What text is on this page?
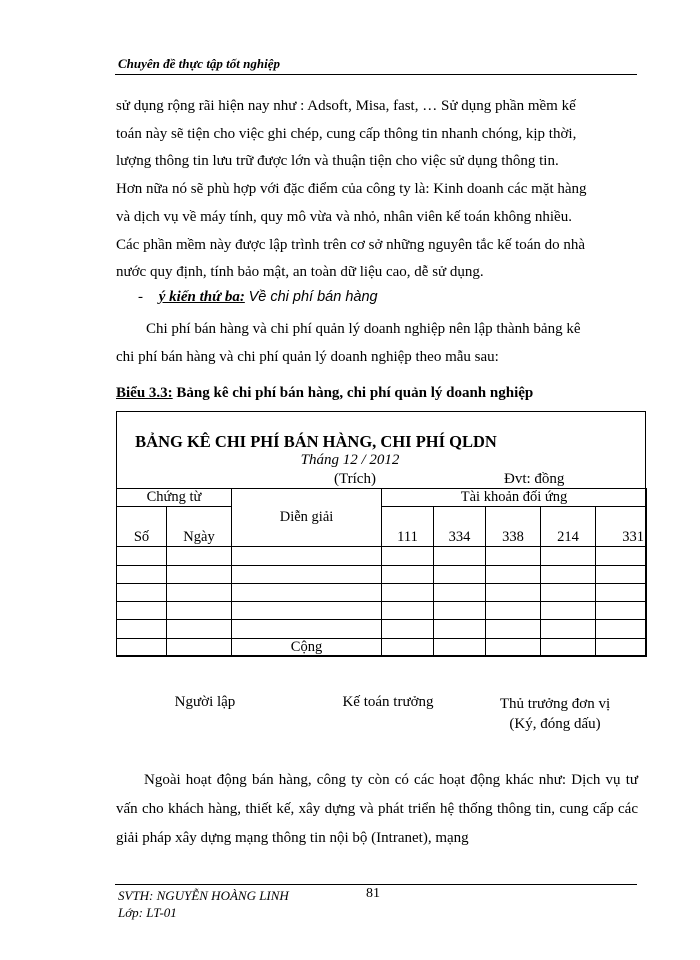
Chuyên đề thực tập tốt nghiệp

sử dụng rộng rãi hiện nay như : Adsoft, Misa, fast, … Sử dụng phần mềm kế

toán này sẽ tiện cho việc ghi chép, cung cấp thông tin nhanh chóng, kịp thời,

lượng thông tin lưu trữ được lớn và thuận tiện cho việc sử dụng thông tin.

Hơn nữa nó sẽ phù hợp với đặc điểm của công ty là: Kinh doanh các mặt hàng

và dịch vụ về máy tính, quy mô vừa và nhỏ, nhân viên kế toán không nhiều.

Các phần mềm này được lập trình trên cơ sở những nguyên tắc kế toán do nhà

nước quy định, tính bảo mật, an toàn dữ liệu cao, dễ sử dụng.

- ý kiến thứ ba: Về chi phí bán hàng

Chi phí bán hàng và chi phí quản lý doanh nghiệp nên lập thành bảng kê

chi phí bán hàng và chi phí quản lý doanh nghiệp theo mẫu sau:

Biểu 3.3: Bảng kê chi phí bán hàng, chi phí quản lý doanh nghiệp
BẢNG KÊ CHI PHÍ BÁN HÀNG, CHI PHÍ QLDN
Tháng 12 / 2012
(Trích)	Đvt: đồng
Chứng từ		Diễn giải	Tài khoản đối ứng				
Số	Ngày		111	334	338	214	331

		Cộng					
Người lập	Kế toán trưởng	Thủ trưởng đơn vị
(Ký, đóng dấu)
Ngoài hoạt động bán hàng, công ty còn có các hoạt động khác như: Dịch vụ tư vấn cho khách hàng, thiết kế, xây dựng và phát triển hệ thống thông tin, cung cấp các giải pháp xây dựng mạng thông tin nội bộ (Intranet), mạng
SVTH: NGUYỄN HOÀNG LINH	81
Lớp: LT-01
